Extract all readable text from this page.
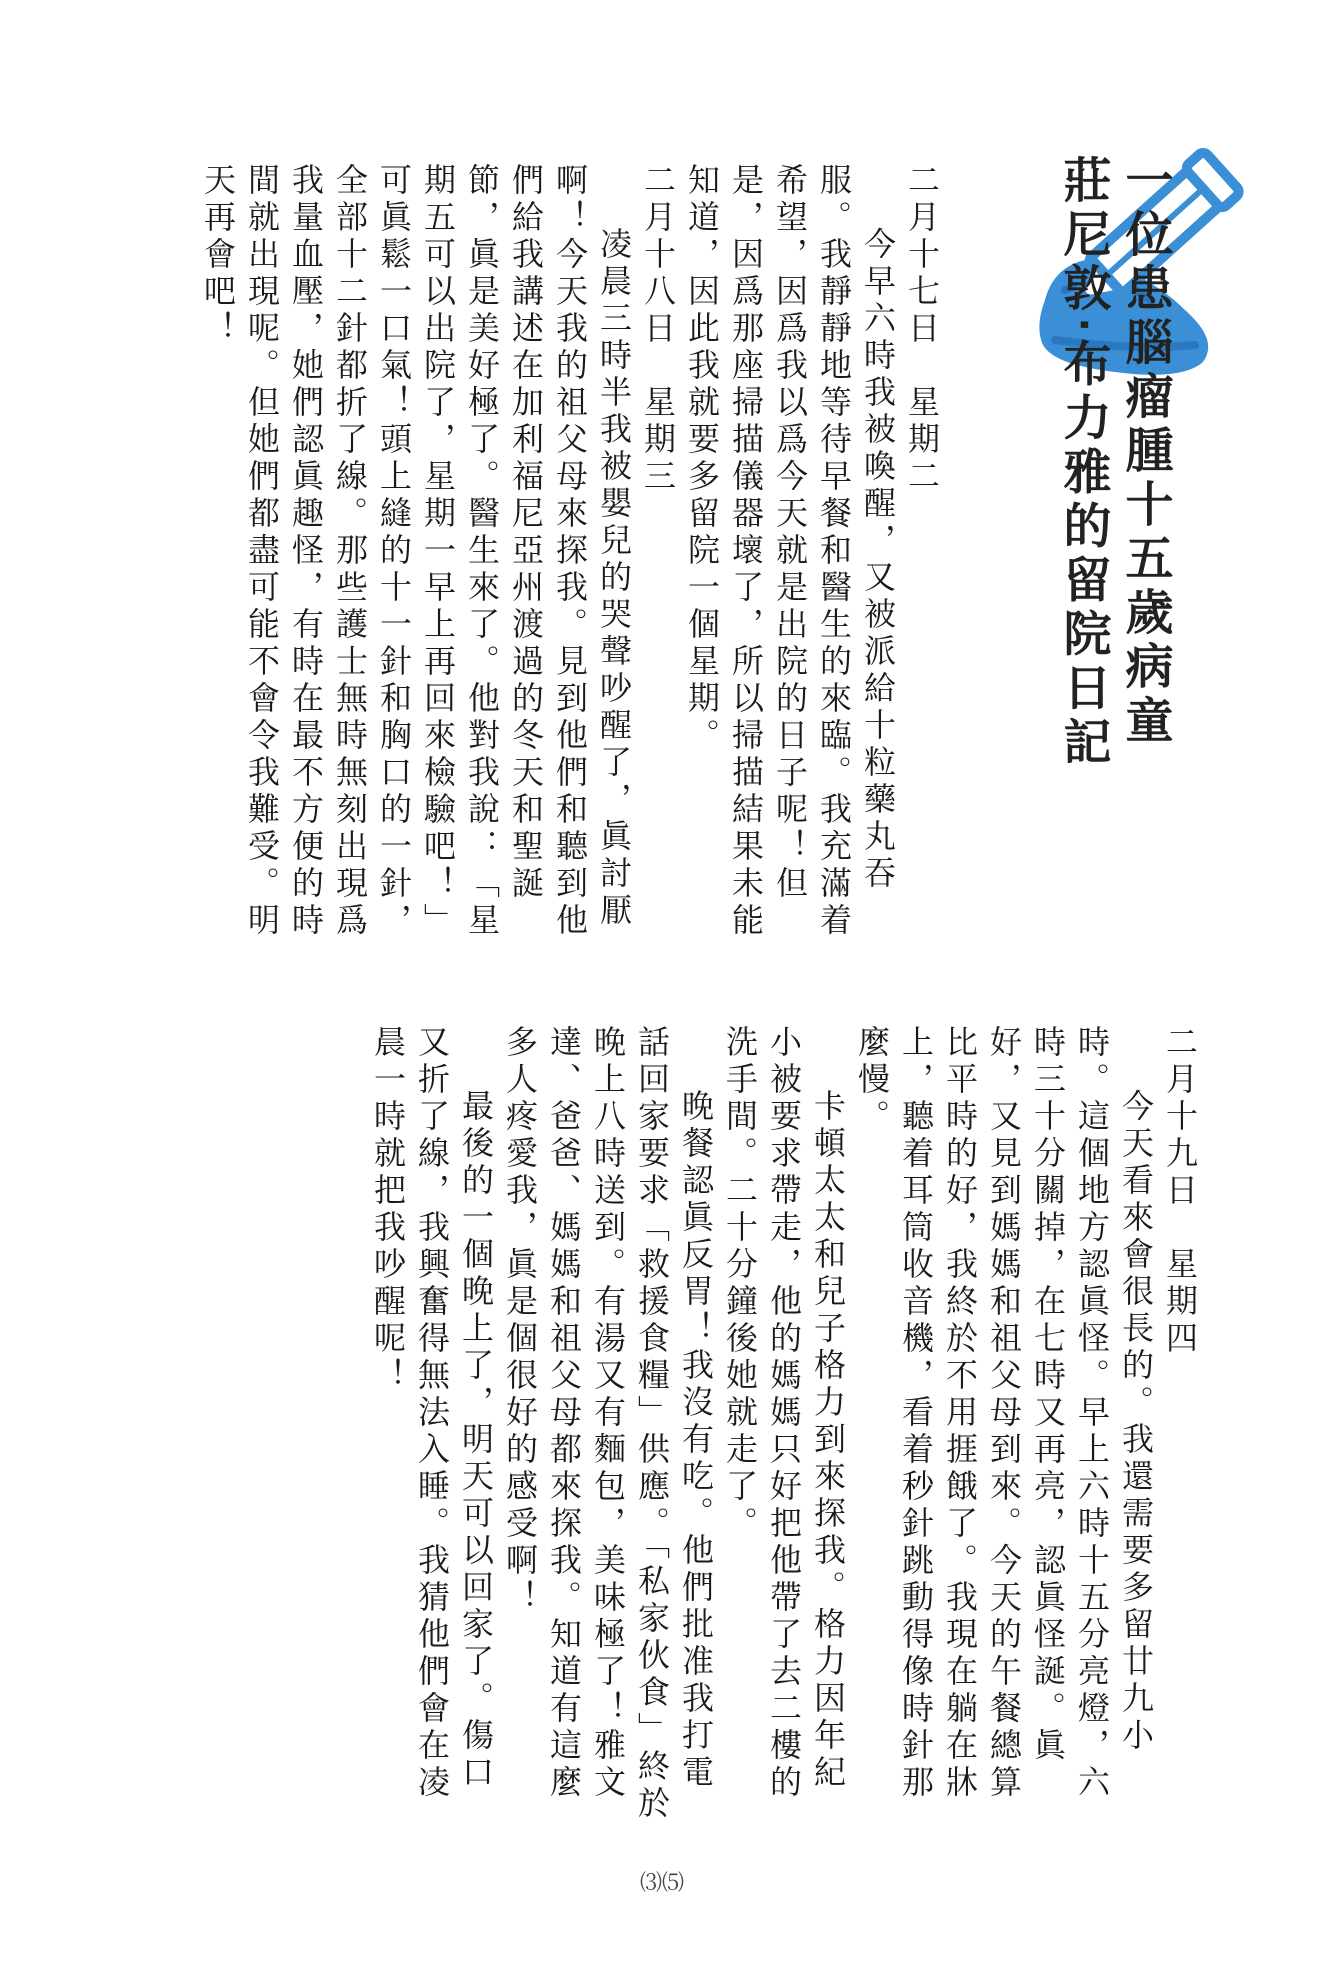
一位患腦瘤腫十五歲病童

莊尼敦‧布力雅的留院日記

二月十七日　星期二

今早六時我被喚醒，又被派給十粒藥丸吞服。我靜靜地等待早餐和醫生的來臨。我充滿着希望，因爲我以爲今天就是出院的日子呢！但是，因爲那座掃描儀器壞了，所以掃描結果未能知道，因此我就要多留院一個星期。

二月十八日　星期三

凌晨三時半我被嬰兒的哭聲吵醒了，眞討厭啊！今天我的祖父母來探我。見到他們和聽到他們給我講述在加利福尼亞州渡過的冬天和聖誕節，眞是美好極了。醫生來了。他對我說：「星期五可以出院了，星期一早上再回來檢驗吧！」可眞鬆一口氣！頭上縫的十一針和胸口的一針，全部十二針都折了線。那些護士無時無刻出現爲我量血壓，她們認眞趣怪，有時在最不方便的時間就出現呢。但她們都盡可能不會令我難受。明天再會吧！

二月十九日　星期四

今天看來會很長的。我還需要多留廿九小時。這個地方認眞怪。早上六時十五分亮燈，六時三十分關掉，在七時又再亮，認眞怪誕。眞好，又見到媽媽和祖父母到來。今天的午餐總算比平時的好，我終於不用捱餓了。我現在躺在牀上，聽着耳筒收音機，看着秒針跳動得像時針那麼慢。

卡頓太太和兒子格力到來探我。格力因年紀小被要求帶走，他的媽媽只好把他帶了去二樓的洗手間。二十分鐘後她就走了。

晚餐認眞反胃！我沒有吃。他們批准我打電話回家要求「救援食糧」供應。「私家伙食」終於晚上八時送到。有湯又有麵包，美味極了！雅文達、爸爸、媽媽和祖父母都來探我。知道有這麼多人疼愛我，眞是個很好的感受啊！

最後的一個晚上了，明天可以回家了。傷口又折了線，我興奮得無法入睡。我猜他們會在凌晨一時就把我吵醒呢！

⑶⑸
